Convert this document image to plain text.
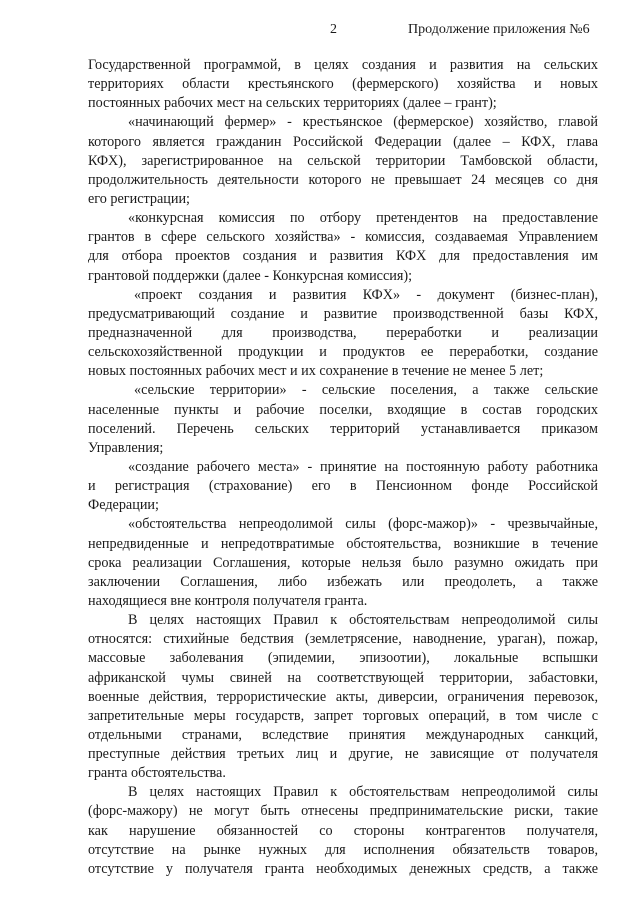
2	Продолжение приложения №6
Государственной программой, в целях создания и развития на сельских
территориях области крестьянского (фермерского) хозяйства и новых
постоянных рабочих мест на сельских территориях (далее – грант);
«начинающий фермер» - крестьянское (фермерское) хозяйство, главой
которого является гражданин Российской Федерации (далее – КФХ, глава
КФХ), зарегистрированное на сельской территории Тамбовской области,
продолжительность деятельности которого не превышает 24 месяцев со дня
его регистрации;
«конкурсная комиссия по отбору претендентов на предоставление
грантов в сфере сельского хозяйства» - комиссия, создаваемая Управлением
для отбора проектов создания и развития КФХ для предоставления им
грантовой поддержки (далее - Конкурсная комиссия);
«проект создания и развития КФХ» - документ (бизнес-план),
предусматривающий создание и развитие производственной базы КФХ,
предназначенной для производства, переработки и реализации
сельскохозяйственной продукции и продуктов ее переработки, создание
новых постоянных рабочих мест и их сохранение в течение не менее 5 лет;
«сельские территории» - сельские поселения, а также сельские
населенные пункты и рабочие поселки, входящие в состав городских
поселений. Перечень сельских территорий устанавливается приказом
Управления;
«создание рабочего места» - принятие на постоянную работу работника
и регистрация (страхование) его в Пенсионном фонде Российской
Федерации;
«обстоятельства непреодолимой силы (форс-мажор)» - чрезвычайные,
непредвиденные и непредотвратимые обстоятельства, возникшие в течение
срока реализации Соглашения, которые нельзя было разумно ожидать при
заключении Соглашения, либо избежать или преодолеть, а также
находящиеся вне контроля получателя гранта.
В целях настоящих Правил к обстоятельствам непреодолимой силы
относятся: стихийные бедствия (землетрясение, наводнение, ураган), пожар,
массовые заболевания (эпидемии, эпизоотии), локальные вспышки
африканской чумы свиней на соответствующей территории, забастовки,
военные действия, террористические акты, диверсии, ограничения перевозок,
запретительные меры государств, запрет торговых операций, в том числе с
отдельными странами, вследствие принятия международных санкций,
преступные действия третьих лиц и другие, не зависящие от получателя
гранта обстоятельства.
В целях настоящих Правил к обстоятельствам непреодолимой силы
(форс-мажору) не могут быть отнесены предпринимательские риски, такие
как нарушение обязанностей со стороны контрагентов получателя,
отсутствие на рынке нужных для исполнения обязательств товаров,
отсутствие у получателя гранта необходимых денежных средств, а также
